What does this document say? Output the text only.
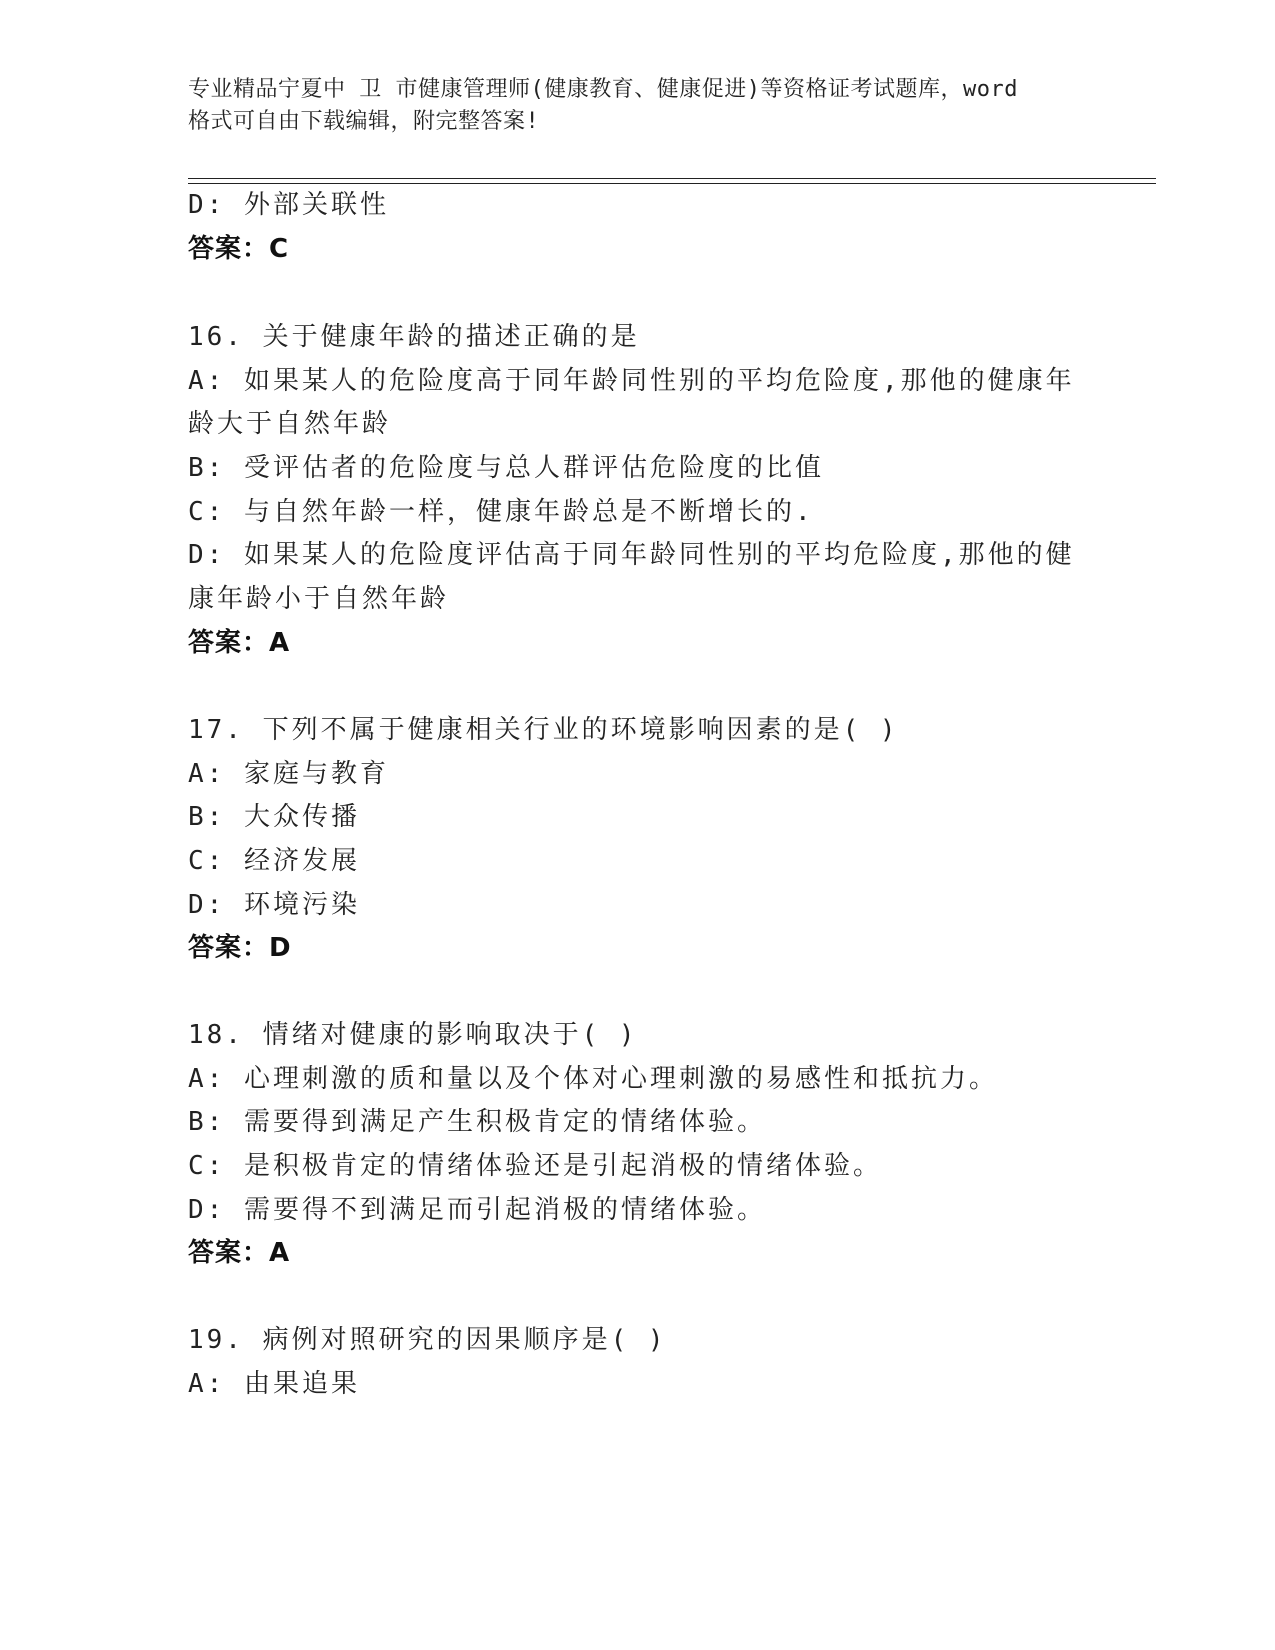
专业精品宁夏中 卫 市健康管理师(健康教育、健康促进)等资格证考试题库，word
格式可自由下载编辑，附完整答案!
D: 外部关联性
答案：C
16. 关于健康年龄的描述正确的是
A: 如果某人的危险度高于同年龄同性别的平均危险度,那他的健康年
龄大于自然年龄
B: 受评估者的危险度与总人群评估危险度的比值
C: 与自然年龄一样，健康年龄总是不断增长的.
D: 如果某人的危险度评估高于同年龄同性别的平均危险度,那他的健
康年龄小于自然年龄
答案：A
17. 下列不属于健康相关行业的环境影响因素的是( )
A: 家庭与教育
B: 大众传播
C: 经济发展
D: 环境污染
答案：D
18. 情绪对健康的影响取决于( )
A: 心理刺激的质和量以及个体对心理刺激的易感性和抵抗力。
B: 需要得到满足产生积极肯定的情绪体验。
C: 是积极肯定的情绪体验还是引起消极的情绪体验。
D: 需要得不到满足而引起消极的情绪体验。
答案：A
19. 病例对照研究的因果顺序是( )
A: 由果追果
